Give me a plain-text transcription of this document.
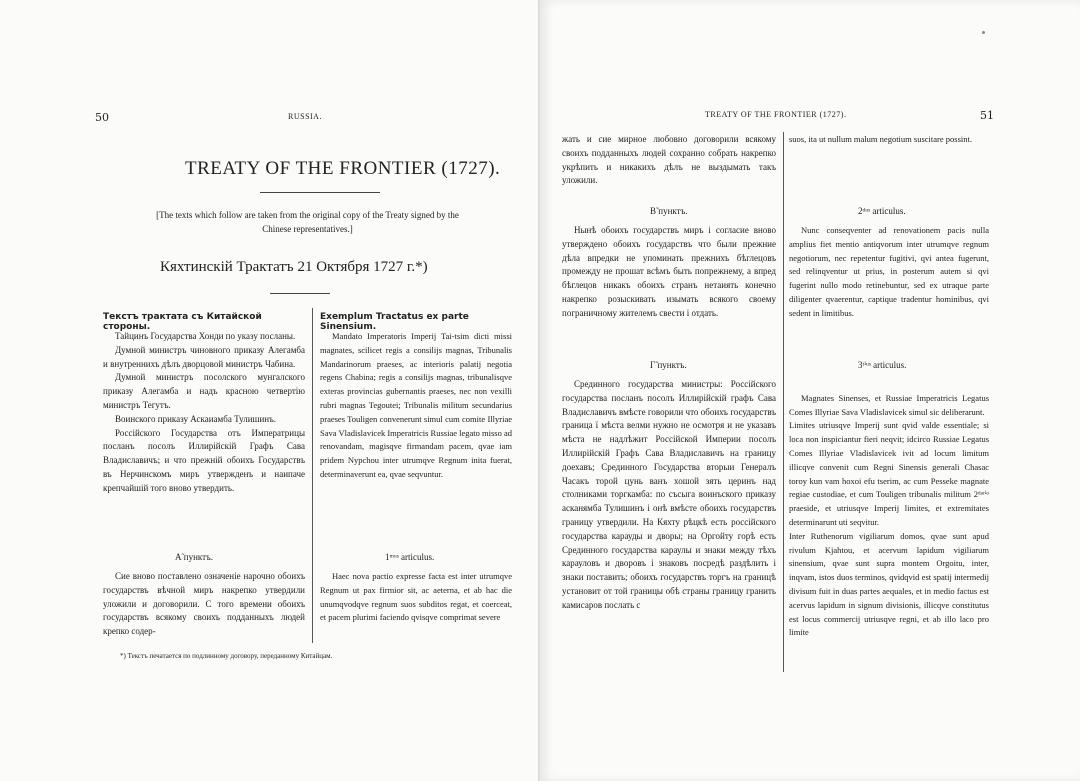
50	RUSSIA.
TREATY OF THE FRONTIER (1727).
[The texts which follow are taken from the original copy of the Treaty signed by the Chinese representatives.]
Кяхтинскій Трактатъ 21 Октября 1727 г.*)
Текстъ трактата съ Китайской стороны.
Exemplum Tractatus ex parte Sinensium.

Тайцинъ Государства Хонди по указу посланы.

Думной министръ чиновного приказу Алегамба и внутреннихъ дѣлъ дворцовой министръ Чабина.

Думной министръ посолского мунгалского приказу Алегамба и надъ красною четвертiю министръ Тегутъ.

Воинского приказу Аскаиамба Тулишинъ.

Россійского Государства отъ Императрицы посланъ посолъ Иллирійскій Графъ Сава Владиславичъ; и что прежній обоихъ Государствъ въ Нерчинскомъ миръ утвержденъ и наипаче крепчайшій того вново утвердить.

Mandato Imperatoris Imperij Tai-tsim dicti missi magnates, scilicet regis a consilijs magnas, Tribunalis Mandarinorum praeses, ac interioris palatij negotia regens Chabina; regis a consilijs magnas, tribunalisqve exteras provincias gubernantis praeses, nec non vexilli rubri magnas Tegoutei; Tribunalis militum secundarius praeses Touligen convenerunt simul cum comite Illyriae Sava Vladislavicek Imperatricis Russiae legato misso ad renovandam, magisqve firmandam pacem, qvae iam pridem Nypchou inter utrumqve Regnum inita fuerat, determinaverunt ea, qvae seqvuntur.

А̃ пунктъ.	1ᵐᵘˢ articulus.

Сие вново поставлено означеніе нарочно обоихъ государствъ вѣчной миръ накрепко утвердили уложили и договорили. С того времени обоихъ государствъ всякому своихъ подданныхъ людей крепко содер-

Haec nova pactio expresse facta est inter utrumqve Regnum ut pax firmior sit, ac aeterna, et ab hac die unumqvodqve regnum suos subditos regat, et coerceat, et pacem plurimi faciendo qvisqve comprimat severe

*) Текстъ печатается по подлинному договору, переданному Китайцам.
TREATY OF THE FRONTIER (1727).	51

жать и сие мирное любовно договорили всякому своихъ подданныхъ людей сохранно собрать накрепко укрѣпить и никакихъ дѣлъ не выздымать такъ уложили.

suos, ita ut nullum malum negotium suscitare possint.

В̃ пунктъ.	2ᵈᵘˢ articulus.

Нынѣ обоихъ государствъ миръ і согласие вново утверждено обоихъ государствъ что были прежние дѣла впредки не упоминать прежнихъ бѣглецовъ промежду не прошат всѣмъ быть попрежнему, а впред бѣглецов никакъ обоихъ странъ нетаиять конечно накрепко розыскивать изымать всякого своему пограничному жителемъ свести і отдать.

Nunc conseqventer ad renovationem pacis nulla amplius fiet mentio antiqvorum inter utrumqve regnum negotiorum, nec repetentur fugitivi, qvi antea fugerunt, sed relinqventur ut prius, in posterum autem si qvi fugerint nullo modo retinebuntur, sed ex utraque parte diligenter qvaerentur, captique tradentur hominibus, qvi sedent in limitibus.

Г̃ пунктъ.	3ᵗⁱᵘˢ articulus.

Срединного государства министры: Россійского государства посланъ посолъ Иллирійскій графъ Сава Владиславичъ вмѣсте говорили что обоихъ государствъ граница ї мѣста велми нужно не осмотря и не указавъ мѣста не надлѣжит Россійской Империи посолъ Иллирійскій Графъ Сава Владиславичъ на границу доехавъ; Срединного Государства вторыи Генералъ Часакъ торой цунь ванъ хошой зять церинъ над столниками торгкамба: по съсыга воинъского приказу асканямба Тулишинъ і онѣ вмѣсте обоихъ государствъ границу утвердили. На Кяхту рѣцкѣ есть россійского государства карауды и дворы; на Оргойту горѣ есть Срединного государства караулы и знаки между тѣхъ карауловъ и дворовъ і знаковъ посредѣ раздѣлить і знаки поставить; обоихъ государствъ торгъ на границѣ установит от той границы обѣ страны границу гранить камисаров послать с

Magnates Sinenses, et Russiae Imperatricis Legatus Comes Illyriae Sava Vladislavicek simul sic deliberarunt.
Limites utriusqve Imperij sunt qvid valde essentiale; si loca non inspiciantur fieri neqvit; idcirco Russiae Legatus Comes Illyriae Vladislavicek ivit ad locum limitum illicqve convenit cum Regni Sinensis generali Chasac toroy kun vam hoxoi efu tserim, ac cum Pesseke magnate regiae custodiae, et cum Touligen tribunalis militum 2ᵈᵃʳⁱᵒ praeside, et utriusqve Imperij limites, et extremitates determinarunt uti seqvitur.
Inter Ruthenorum vigiliarum domos, qvae sunt apud rivulum Kjahtou, et acervum lapidum vigiliarum sinensium, qvae sunt supra montem Orgoitu, inter, inqvam, istos duos terminos, qvidqvid est spatij intermedij divisum fuit in duas partes aequales, et in medio factus est acervus lapidum in signum divisionis, illicqve constitutus est locus commercij utriusqve regni, et ab illo laco pro limite
